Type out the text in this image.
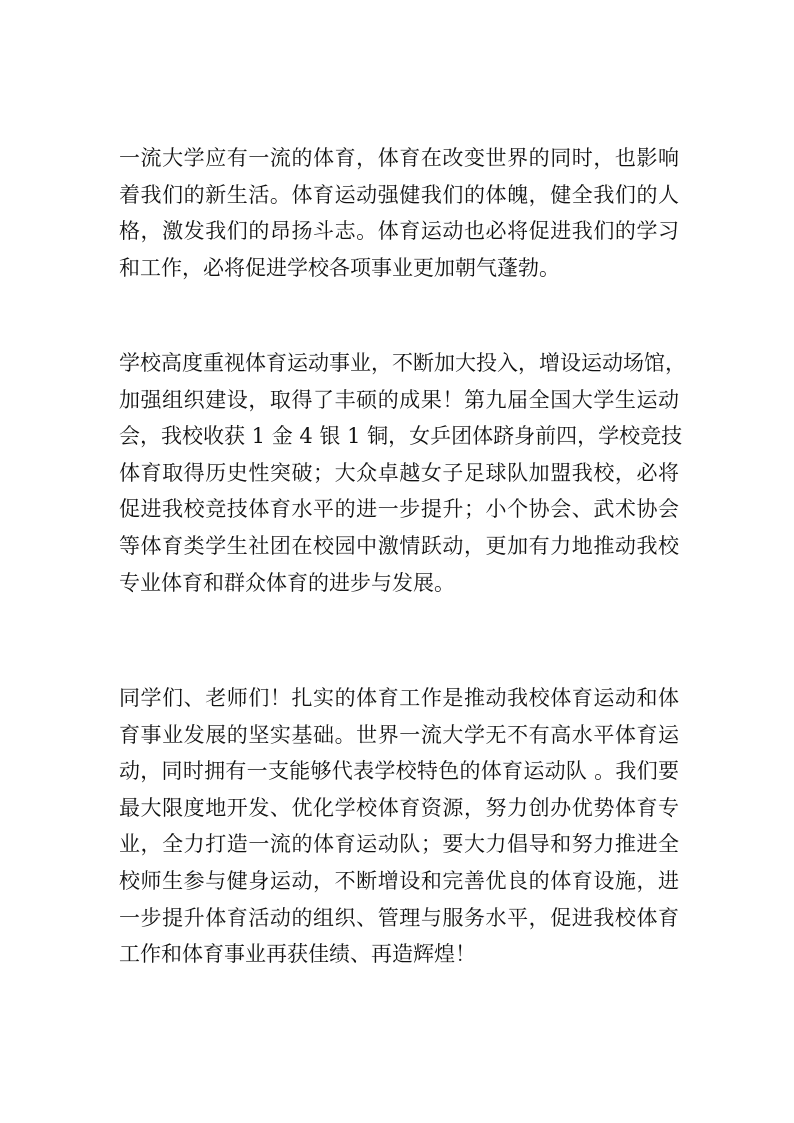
一流大学应有一流的体育，体育在改变世界的同时，也影响
着我们的新生活。体育运动强健我们的体魄，健全我们的人
格，激发我们的昂扬斗志。体育运动也必将促进我们的学习
和工作，必将促进学校各项事业更加朝气蓬勃。
学校高度重视体育运动事业，不断加大投入，增设运动场馆，
加强组织建设，取得了丰硕的成果！第九届全国大学生运动
会，我校收获 1 金 4 银 1 铜，女乒团体跻身前四，学校竞技
体育取得历史性突破；大众卓越女子足球队加盟我校，必将
促进我校竞技体育水平的进一步提升；小个协会、武术协会
等体育类学生社团在校园中激情跃动，更加有力地推动我校
专业体育和群众体育的进步与发展。
同学们、老师们！扎实的体育工作是推动我校体育运动和体
育事业发展的坚实基础。世界一流大学无不有高水平体育运
动，同时拥有一支能够代表学校特色的体育运动队 。我们要
最大限度地开发、优化学校体育资源，努力创办优势体育专
业，全力打造一流的体育运动队；要大力倡导和努力推进全
校师生参与健身运动，不断增设和完善优良的体育设施，进
一步提升体育活动的组织、管理与服务水平，促进我校体育
工作和体育事业再获佳绩、再造辉煌！
